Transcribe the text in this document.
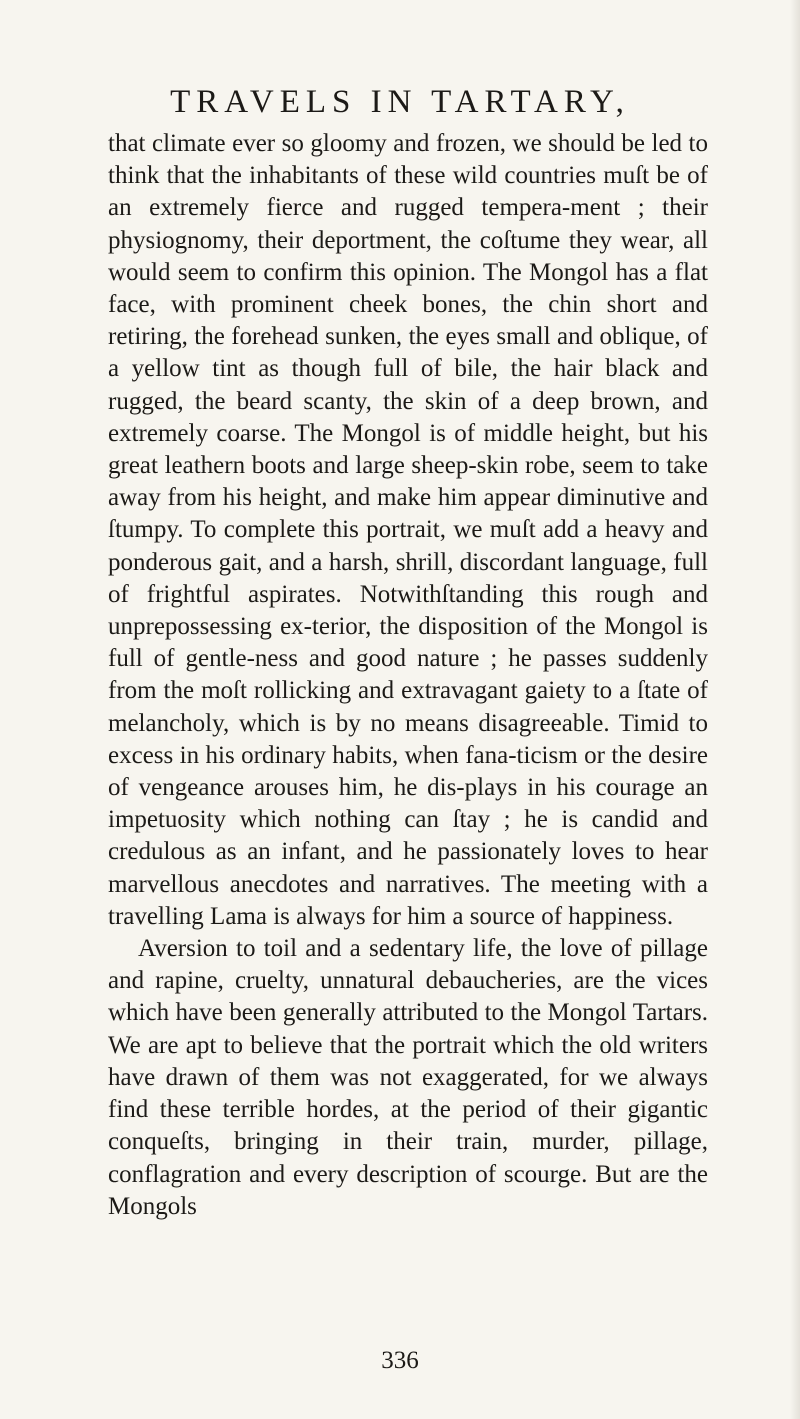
TRAVELS IN TARTARY,

that climate ever so gloomy and frozen, we should be led to think that the inhabitants of these wild countries muſt be of an extremely fierce and rugged tempera-ment ; their physiognomy, their deportment, the coſtume they wear, all would seem to confirm this opinion. The Mongol has a flat face, with prominent cheek bones, the chin short and retiring, the forehead sunken, the eyes small and oblique, of a yellow tint as though full of bile, the hair black and rugged, the beard scanty, the skin of a deep brown, and extremely coarse. The Mongol is of middle height, but his great leathern boots and large sheep-skin robe, seem to take away from his height, and make him appear diminutive and ſtumpy. To complete this portrait, we muſt add a heavy and ponderous gait, and a harsh, shrill, discordant language, full of frightful aspirates. Notwithſtanding this rough and unprepossessing ex-terior, the disposition of the Mongol is full of gentle-ness and good nature ; he passes suddenly from the moſt rollicking and extravagant gaiety to a ſtate of melancholy, which is by no means disagreeable. Timid to excess in his ordinary habits, when fana-ticism or the desire of vengeance arouses him, he dis-plays in his courage an impetuosity which nothing can ſtay ; he is candid and credulous as an infant, and he passionately loves to hear marvellous anecdotes and narratives. The meeting with a travelling Lama is always for him a source of happiness.

Aversion to toil and a sedentary life, the love of pillage and rapine, cruelty, unnatural debaucheries, are the vices which have been generally attributed to the Mongol Tartars. We are apt to believe that the portrait which the old writers have drawn of them was not exaggerated, for we always find these terrible hordes, at the period of their gigantic conqueſts, bringing in their train, murder, pillage, conflagration and every description of scourge. But are the Mongols

336
